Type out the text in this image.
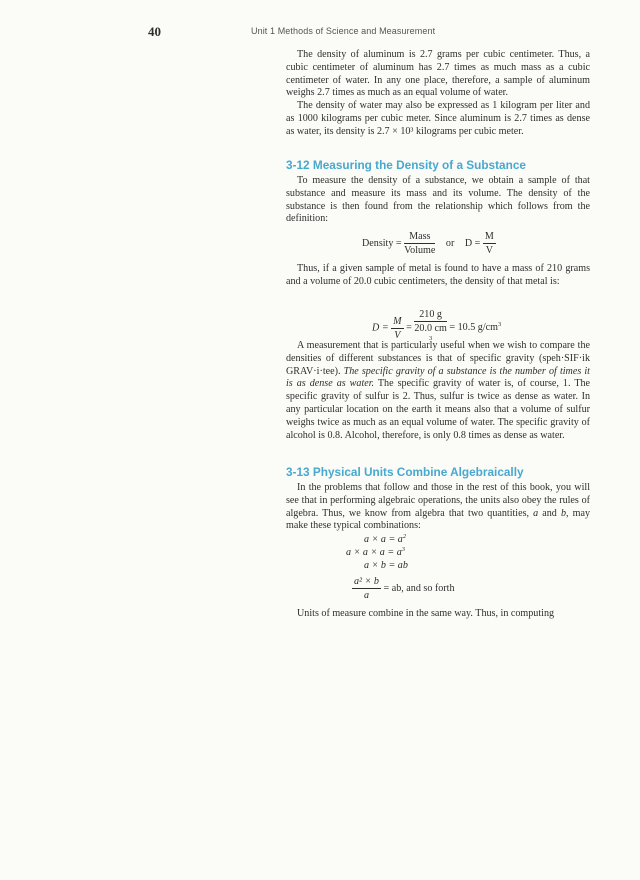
40	Unit 1 Methods of Science and Measurement

The density of aluminum is 2.7 grams per cubic centimeter. Thus, a cubic centimeter of aluminum has 2.7 times as much mass as a cubic centimeter of water. In any one place, therefore, a sample of aluminum weighs 2.7 times as much as an equal volume of water.

The density of water may also be expressed as 1 kilogram per liter and as 1000 kilograms per cubic meter. Since aluminum is 2.7 times as dense as water, its density is 2.7 × 10³ kilograms per cubic meter.

3-12 Measuring the Density of a Substance

To measure the density of a substance, we obtain a sample of that substance and measure its mass and its volume. The density of the substance is then found from the relationship which follows from the definition:

Density = $\frac{\text{Mass}}{\text{Volume}}$ or $D = \frac{M}{V}$

Thus, if a given sample of metal is found to have a mass of 210 grams and a volume of 20.0 cubic centimeters, the density of that metal is:

$D = \frac{M}{V} = 210$ g
20.0 cm
$^3$ = 10.5 $g/cm^3$

A measurement that is particularly useful when we wish to compare the densities of different substances is that of specific gravity (speh·SIF·ik GRAV·i·tee). The specific gravity of a substance is the number of times it is as dense as water. The specific gravity of water is, of course, 1. The specific gravity of sulfur is 2. Thus, sulfur is twice as dense as water. In any particular location on the earth it means also that a volume of sulfur weighs twice as much as an equal volume of water. The specific gravity of alcohol is 0.8. Alcohol, therefore, is only 0.8 times as dense as water.

3-13 Physical Units Combine Algebraically

In the problems that follow and those in the rest of this book, you will see that in performing algebraic operations, the units also obey the rules of algebra. Thus, we know from algebra that two quantities, a and b, may make these typical combinations:

$a \times a = a^2$
$a \times a \times a = a^3$
a × b = ab
$\frac{\text{a² × b}}{a}$ = ab, and so forth

Units of measure combine in the same way. Thus, in computing
